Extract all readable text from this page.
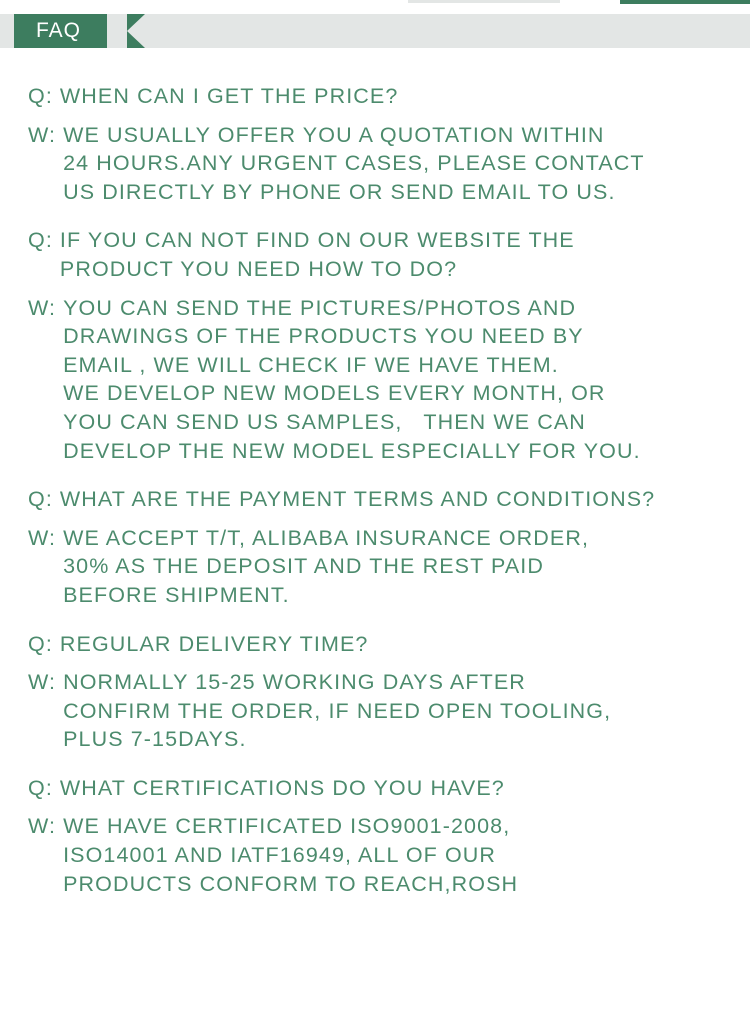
FAQ
Q: WHEN CAN I GET THE PRICE?
W: WE USUALLY OFFER YOU A QUOTATION WITHIN
24 HOURS.ANY URGENT CASES, PLEASE CONTACT
US DIRECTLY BY PHONE OR SEND EMAIL TO US.
Q: IF YOU CAN NOT FIND ON OUR WEBSITE THE
PRODUCT YOU NEED HOW TO DO?
W: YOU CAN SEND THE PICTURES/PHOTOS AND
DRAWINGS OF THE PRODUCTS YOU NEED BY
EMAIL , WE WILL CHECK IF WE HAVE THEM.
WE DEVELOP NEW MODELS EVERY MONTH, OR
YOU CAN SEND US SAMPLES,   THEN WE CAN
DEVELOP THE NEW MODEL ESPECIALLY FOR YOU.
Q: WHAT ARE THE PAYMENT TERMS AND CONDITIONS?
W: WE ACCEPT T/T, ALIBABA INSURANCE ORDER,
30% AS THE DEPOSIT AND THE REST PAID
BEFORE SHIPMENT.
Q: REGULAR DELIVERY TIME?
W: NORMALLY 15-25 WORKING DAYS AFTER
CONFIRM THE ORDER, IF NEED OPEN TOOLING,
PLUS 7-15DAYS.
Q: WHAT CERTIFICATIONS DO YOU HAVE?
W: WE HAVE CERTIFICATED ISO9001-2008,
ISO14001 AND IATF16949, ALL OF OUR
PRODUCTS CONFORM TO REACH,ROSH
